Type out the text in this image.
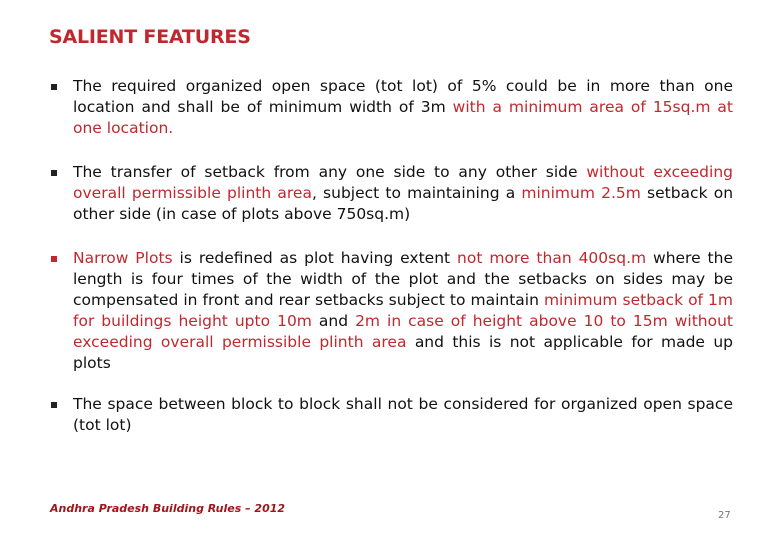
SALIENT FEATURES
The required organized open space (tot lot) of 5% could be in more than one location and shall be of minimum width of 3m with a minimum area of 15sq.m at one location.
The transfer of setback from any one side to any other side without exceeding overall permissible plinth area, subject to maintaining a minimum 2.5m setback on other side (in case of plots above 750sq.m)
Narrow Plots is redefined as plot having extent not more than 400sq.m where the length is four times of the width of the plot and the setbacks on sides may be compensated in front and rear setbacks subject to maintain minimum setback of 1m for buildings height upto 10m and 2m in case of height above 10 to 15m without exceeding overall permissible plinth area and this is not applicable for made up plots
The space between block to block shall not be considered for organized open space (tot lot)
Andhra Pradesh Building Rules – 2012
27
